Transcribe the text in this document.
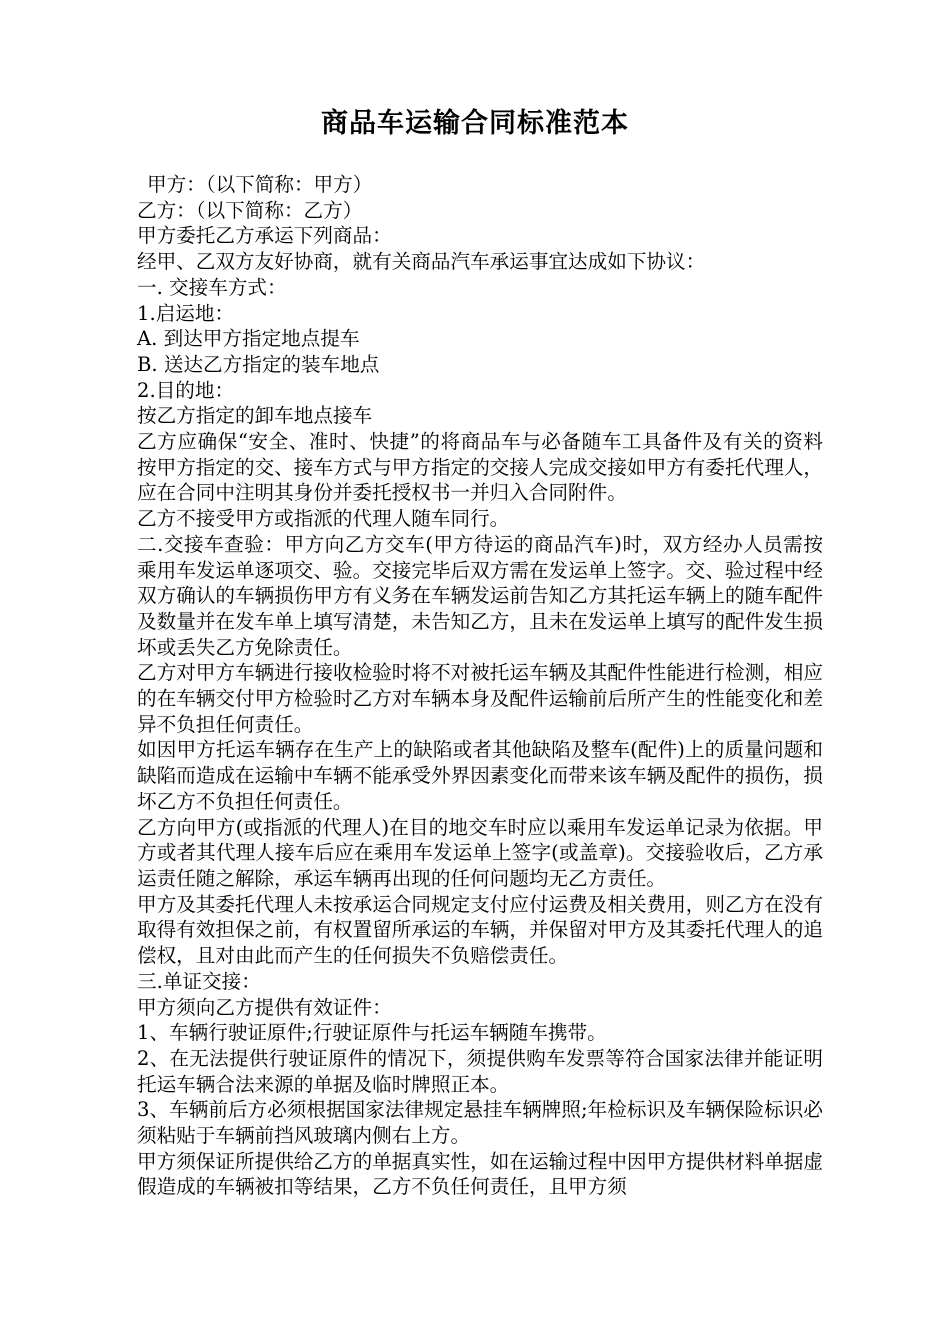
商品车运输合同标准范本

甲方：（以下简称：甲方）

乙方：（以下简称：乙方）

甲方委托乙方承运下列商品：

经甲、乙双方友好协商，就有关商品汽车承运事宜达成如下协议：

一. 交接车方式：

1.启运地：

A. 到达甲方指定地点提车

B. 送达乙方指定的装车地点

2.目的地：

按乙方指定的卸车地点接车

乙方应确保“安全、准时、快捷”的将商品车与必备随车工具备件及有关的资料按甲方指定的交、接车方式与甲方指定的交接人完成交接如甲方有委托代理人，应在合同中注明其身份并委托授权书一并归入合同附件。

乙方不接受甲方或指派的代理人随车同行。

二.交接车查验：甲方向乙方交车(甲方待运的商品汽车)时，双方经办人员需按乘用车发运单逐项交、验。交接完毕后双方需在发运单上签字。交、验过程中经双方确认的车辆损伤甲方有义务在车辆发运前告知乙方其托运车辆上的随车配件及数量并在发车单上填写清楚，未告知乙方，且未在发运单上填写的配件发生损坏或丢失乙方免除责任。

乙方对甲方车辆进行接收检验时将不对被托运车辆及其配件性能进行检测，相应的在车辆交付甲方检验时乙方对车辆本身及配件运输前后所产生的性能变化和差异不负担任何责任。

如因甲方托运车辆存在生产上的缺陷或者其他缺陷及整车(配件)上的质量问题和缺陷而造成在运输中车辆不能承受外界因素变化而带来该车辆及配件的损伤，损坏乙方不负担任何责任。

乙方向甲方(或指派的代理人)在目的地交车时应以乘用车发运单记录为依据。甲方或者其代理人接车后应在乘用车发运单上签字(或盖章)。交接验收后，乙方承运责任随之解除，承运车辆再出现的任何问题均无乙方责任。

甲方及其委托代理人未按承运合同规定支付应付运费及相关费用，则乙方在没有取得有效担保之前，有权置留所承运的车辆，并保留对甲方及其委托代理人的追偿权，且对由此而产生的任何损失不负赔偿责任。

三.单证交接：

甲方须向乙方提供有效证件：

1、车辆行驶证原件;行驶证原件与托运车辆随车携带。

2、在无法提供行驶证原件的情况下，须提供购车发票等符合国家法律并能证明托运车辆合法来源的单据及临时牌照正本。

3、车辆前后方必须根据国家法律规定悬挂车辆牌照;年检标识及车辆保险标识必须粘贴于车辆前挡风玻璃内侧右上方。

甲方须保证所提供给乙方的单据真实性，如在运输过程中因甲方提供材料单据虚假造成的车辆被扣等结果，乙方不负任何责任，且甲方须
